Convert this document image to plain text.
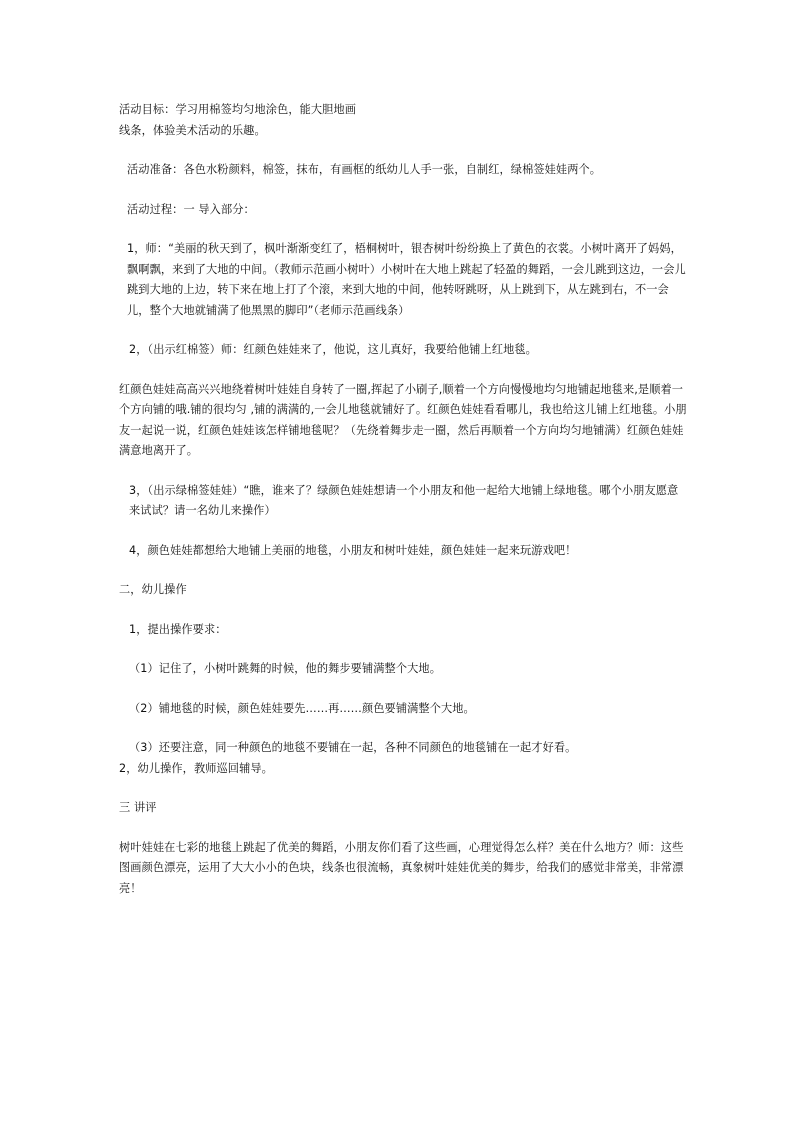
活动目标：学习用棉签均匀地涂色，能大胆地画

线条，体验美术活动的乐趣。

活动准备：各色水粉颜料，棉签，抹布，有画框的纸幼儿人手一张，自制红，绿棉签娃娃两个。

活动过程：一 导入部分：

1，师：“美丽的秋天到了，枫叶渐渐变红了，梧桐树叶，银杏树叶纷纷换上了黄色的衣裳。小树叶离开了妈妈，飘啊飘，来到了大地的中间。（教师示范画小树叶）小树叶在大地上跳起了轻盈的舞蹈，一会儿跳到这边，一会儿跳到大地的上边，转下来在地上打了个滚，来到大地的中间，他转呀跳呀，从上跳到下，从左跳到右，不一会儿，整个大地就铺满了他黑黑的脚印”（老师示范画线条）

2，（出示红棉签）师：红颜色娃娃来了，他说，这儿真好，我要给他铺上红地毯。

红颜色娃娃高高兴兴地绕着树叶娃娃自身转了一圈,挥起了小刷子,顺着一个方向慢慢地均匀地铺起地毯来,是顺着一个方向铺的哦.铺的很均匀 ,铺的满满的,一会儿地毯就铺好了。红颜色娃娃看看哪儿，我也给这儿铺上红地毯。小朋友一起说一说，红颜色娃娃该怎样铺地毯呢？（先绕着舞步走一圈，然后再顺着一个方向均匀地铺满）红颜色娃娃满意地离开了。

3，（出示绿棉签娃娃）“瞧，谁来了？绿颜色娃娃想请一个小朋友和他一起给大地铺上绿地毯。哪个小朋友愿意来试试？请一名幼儿来操作）

4，颜色娃娃都想给大地铺上美丽的地毯，小朋友和树叶娃娃，颜色娃娃一起来玩游戏吧！

二，幼儿操作

1，提出操作要求：

（1）记住了，小树叶跳舞的时候，他的舞步要铺满整个大地。

（2）铺地毯的时候，颜色娃娃要先……再……颜色要铺满整个大地。

（3）还要注意，同一种颜色的地毯不要铺在一起，各种不同颜色的地毯铺在一起才好看。

2，幼儿操作，教师巡回辅导。

三 讲评

树叶娃娃在七彩的地毯上跳起了优美的舞蹈，小朋友你们看了这些画，心理觉得怎么样？美在什么地方？师：这些图画颜色漂亮，运用了大大小小的色块，线条也很流畅，真象树叶娃娃优美的舞步，给我们的感觉非常美，非常漂亮！
